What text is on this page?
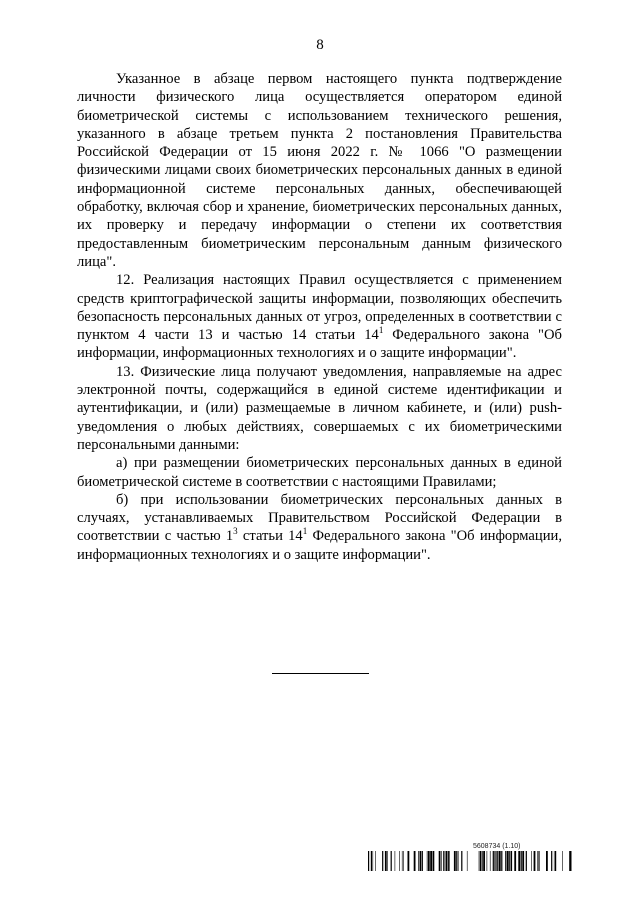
8

Указанное в абзаце первом настоящего пункта подтверждение личности физического лица осуществляется оператором единой биометрической системы с использованием технического решения, указанного в абзаце третьем пункта 2 постановления Правительства Российской Федерации от 15 июня 2022 г. № 1066 "О размещении физическими лицами своих биометрических персональных данных в единой информационной системе персональных данных, обеспечивающей обработку, включая сбор и хранение, биометрических персональных данных, их проверку и передачу информации о степени их соответствия предоставленным биометрическим персональным данным физического лица".

12. Реализация настоящих Правил осуществляется с применением средств криптографической защиты информации, позволяющих обеспечить безопасность персональных данных от угроз, определенных в соответствии с пунктом 4 части 13 и частью 14 статьи $14^1$ Федерального закона "Об информации, информационных технологиях и о защите информации".

13. Физические лица получают уведомления, направляемые на адрес электронной почты, содержащийся в единой системе идентификации и аутентификации, и (или) размещаемые в личном кабинете, и (или) push-уведомления о любых действиях, совершаемых с их биометрическими персональными данными:

а) при размещении биометрических персональных данных в единой биометрической системе в соответствии с настоящими Правилами;

б) при использовании биометрических персональных данных в случаях, устанавливаемых Правительством Российской Федерации в соответствии с частью $1^3$ статьи $14^1$ Федерального закона "Об информации, информационных технологиях и о защите информации".

5608734 (1.10)
